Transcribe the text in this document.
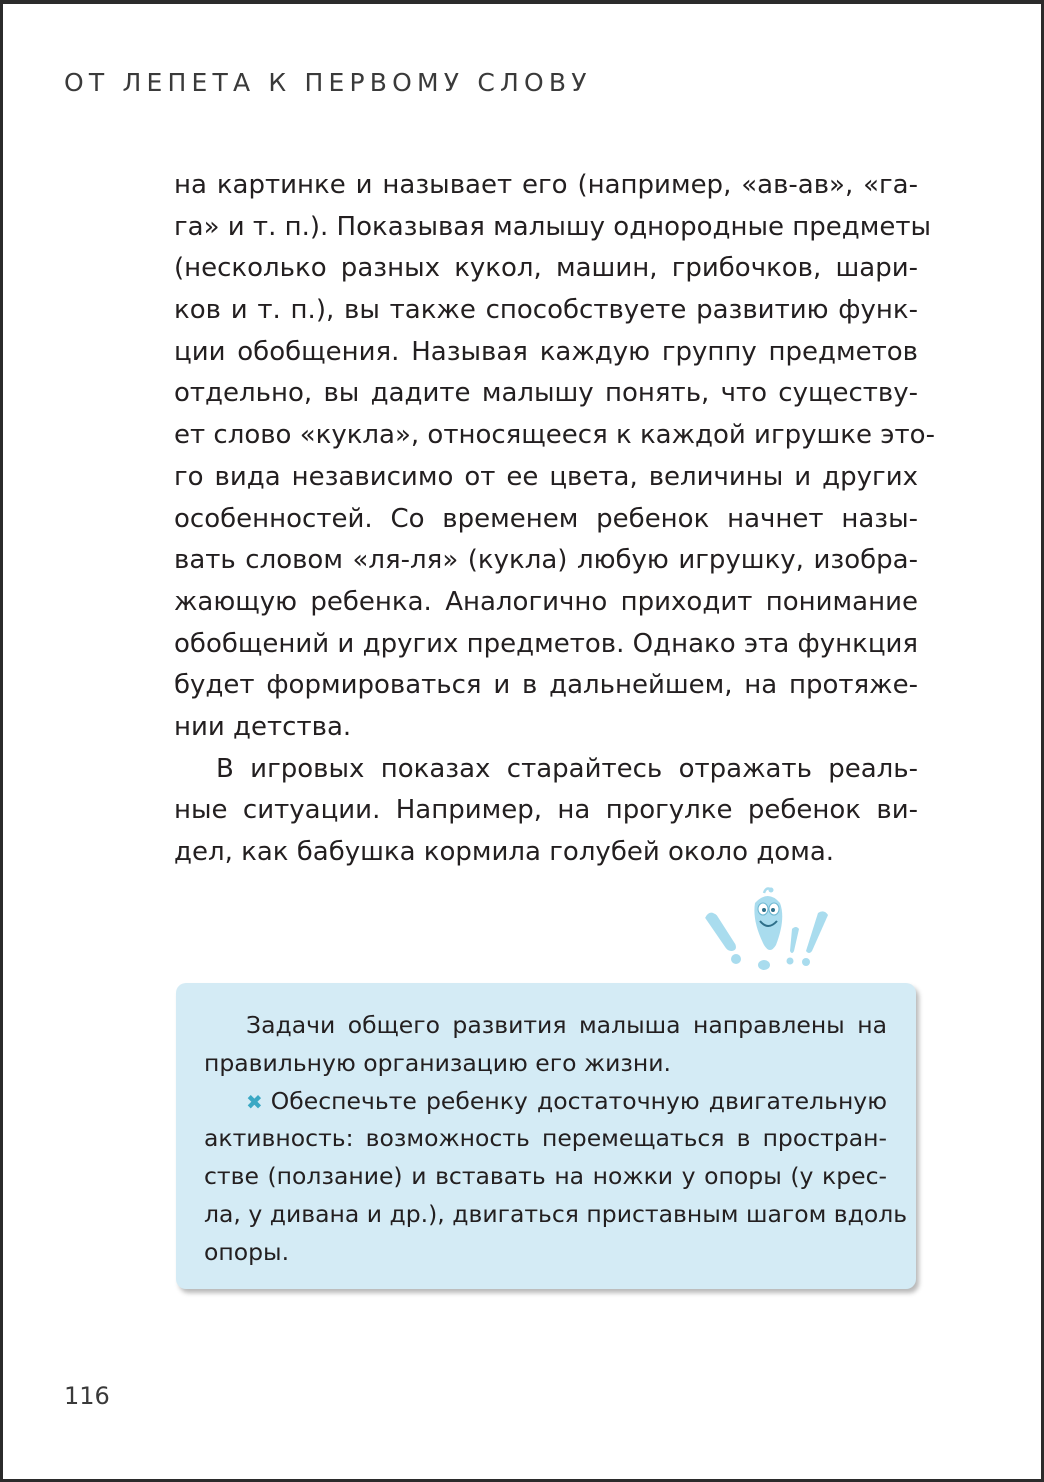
ОТ ЛЕПЕТА К ПЕРВОМУ СЛОВУ
на картинке и называет его (например, «ав-ав», «га-
га» и т. п.). Показывая малышу однородные предметы
(несколько разных кукол, машин, грибочков, шари-
ков и т. п.), вы также способствуете развитию функ-
ции обобщения. Называя каждую группу предметов
отдельно, вы дадите малышу понять, что существу-
ет слово «кукла», относящееся к каждой игрушке это-
го вида независимо от ее цвета, величины и других
особенностей. Со временем ребенок начнет назы-
вать словом «ля-ля» (кукла) любую игрушку, изобра-
жающую ребенка. Аналогично приходит понимание
обобщений и других предметов. Однако эта функция
будет формироваться и в дальнейшем, на протяже-
нии детства.
В игровых показах старайтесь отражать реаль-
ные ситуации. Например, на прогулке ребенок ви-
дел, как бабушка кормила голубей около дома.
Задачи общего развития малыша направлены на
правильную организацию его жизни.
✖ Обеспечьте ребенку достаточную двигательную
активность: возможность перемещаться в простран-
стве (ползание) и вставать на ножки у опоры (у крес-
ла, у дивана и др.), двигаться приставным шагом вдоль
опоры.
116
